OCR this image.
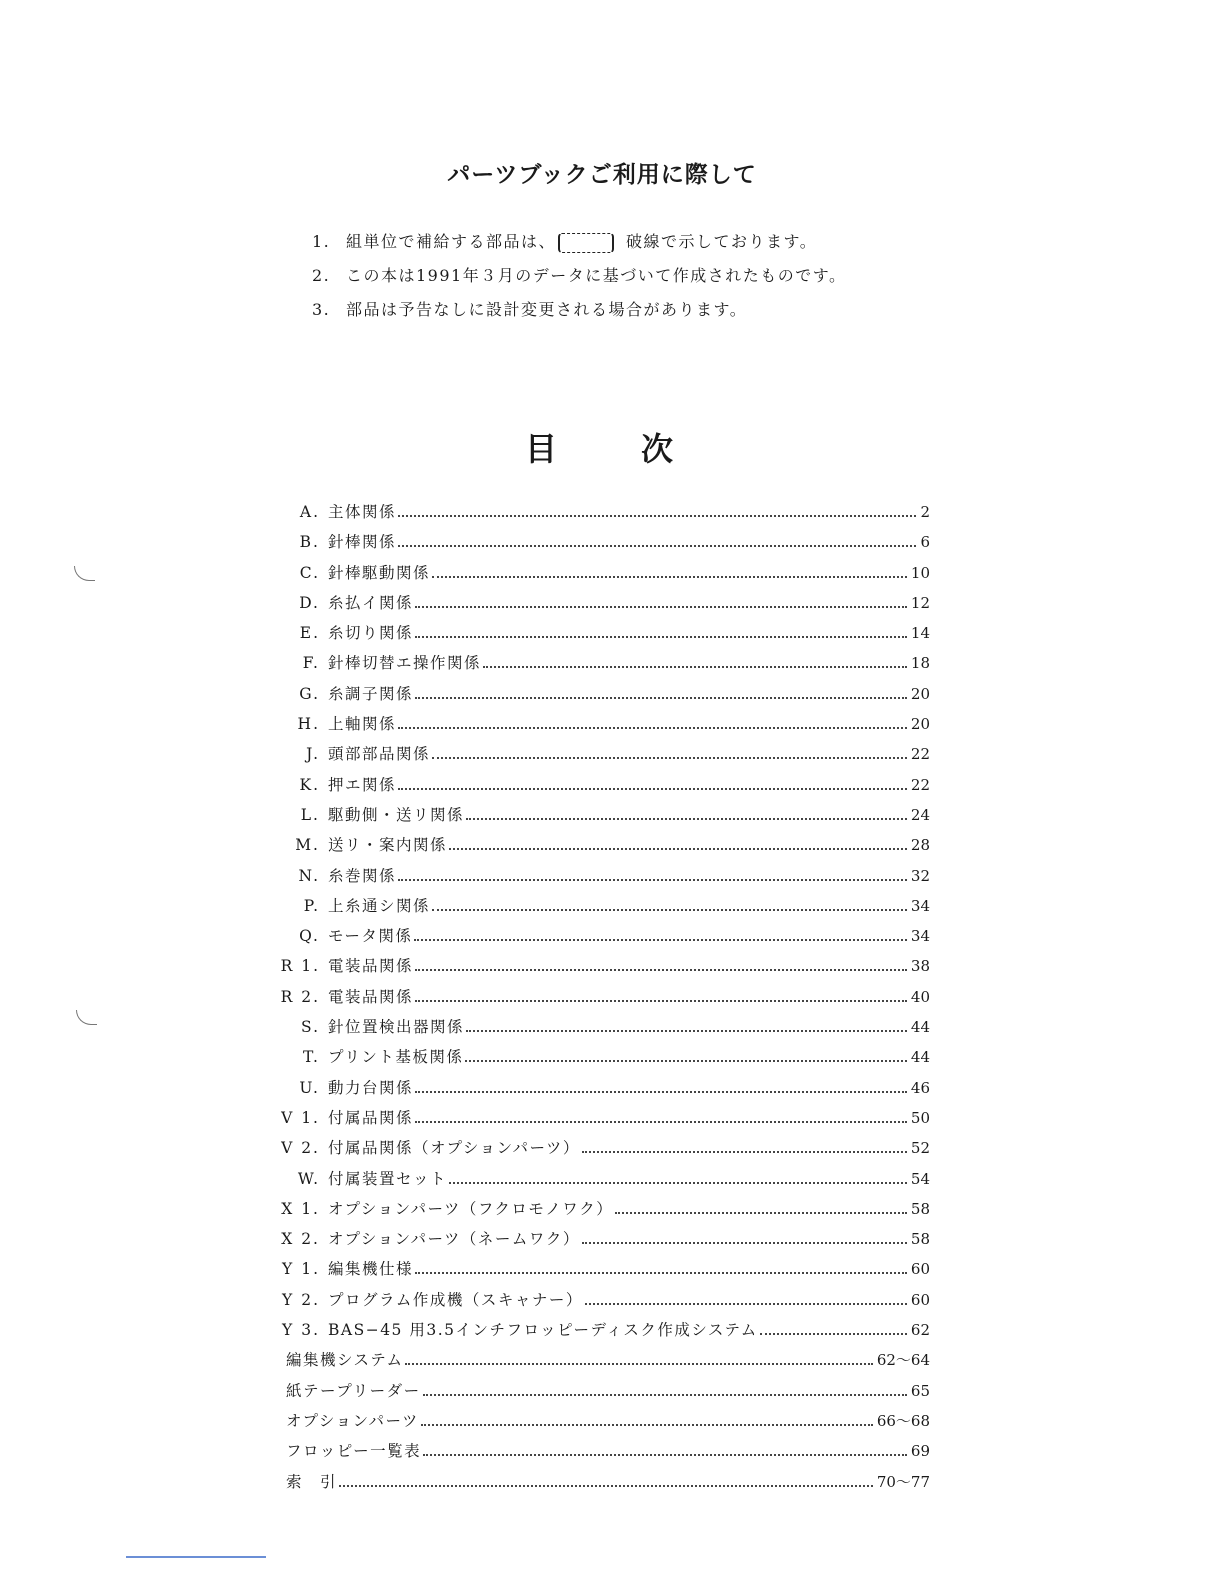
パーツブックご利用に際して
1. 組単位で補給する部品は、	破線で示しております。
2. この本は1991年３月のデータに基づいて作成されたものです。
3. 部品は予告なしに設計変更される場合があります。
目次
A. 主体関係	2
B. 針棒関係	6
C. 針棒駆動関係	10
D. 糸払イ関係	12
E. 糸切り関係	14
F. 針棒切替エ操作関係	18
G. 糸調子関係	20
H. 上軸関係	20
J. 頭部部品関係	22
K. 押エ関係	22
L. 駆動側・送リ関係	24
M. 送リ・案内関係	28
N. 糸巻関係	32
P. 上糸通シ関係	34
Q. モータ関係	34
R 1. 電装品関係	38
R 2. 電装品関係	40
S. 針位置検出器関係	44
T. プリント基板関係	44
U. 動力台関係	46
V 1. 付属品関係	50
V 2. 付属品関係（オプションパーツ）	52
W. 付属装置セット	54
X 1. オプションパーツ（フクロモノワク）	58
X 2. オプションパーツ（ネームワク）	58
Y 1. 編集機仕様	60
Y 2. プログラム作成機（スキャナー）	60
Y 3. BAS−45 用3.5インチフロッピーディスク作成システム	62
編集機システム	62～64
紙テープリーダー	65
オプションパーツ	66～68
フロッピー一覧表	69
索　引	70～77
